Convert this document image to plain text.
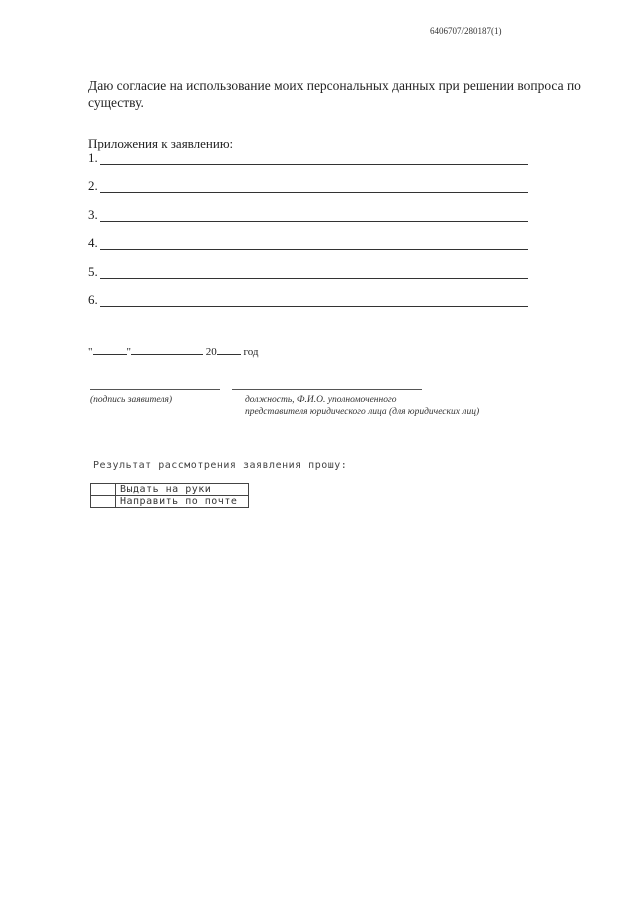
6406707/280187(1)
Даю согласие на использование моих персональных данных при решении вопроса по существу.
Приложения к заявлению:
1.
2.
3.
4.
5.
6.
"	"	20 год
(подпись заявителя)	должность, Ф.И.О. уполномоченного
представителя юридического лица (для юридических лиц)
Результат рассмотрения заявления прошу:
	Выдать на руки
	Направить по почте
